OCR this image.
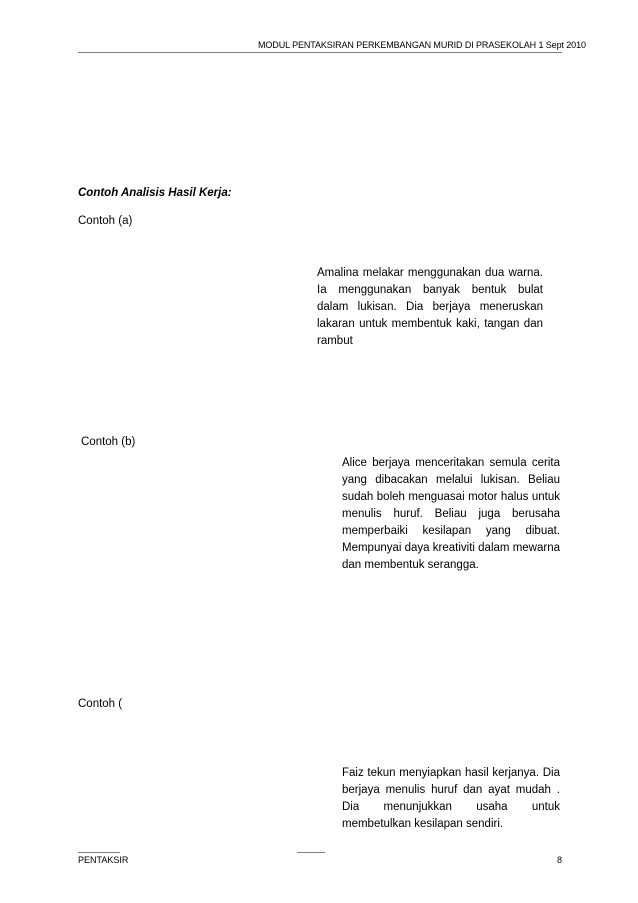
MODUL PENTAKSIRAN PERKEMBANGAN MURID DI PRASEKOLAH 1 Sept 2010
Contoh Analisis Hasil Kerja:
Contoh (a)

Amalina melakar menggunakan dua warna. Ia menggunakan banyak bentuk bulat dalam lukisan. Dia berjaya meneruskan lakaran untuk membentuk kaki, tangan dan rambut

Contoh (b)

Alice berjaya menceritakan semula cerita yang dibacakan melalui lukisan. Beliau sudah boleh menguasai motor halus untuk menulis huruf. Beliau juga berusaha memperbaiki kesilapan yang dibuat. Mempunyai daya kreativiti dalam mewarna dan membentuk serangga.

Contoh (

Faiz tekun menyiapkan hasil kerjanya. Dia berjaya menulis huruf dan ayat mudah . Dia menunjukkan usaha untuk membetulkan kesilapan sendiri.

PENTAKSIR	8
